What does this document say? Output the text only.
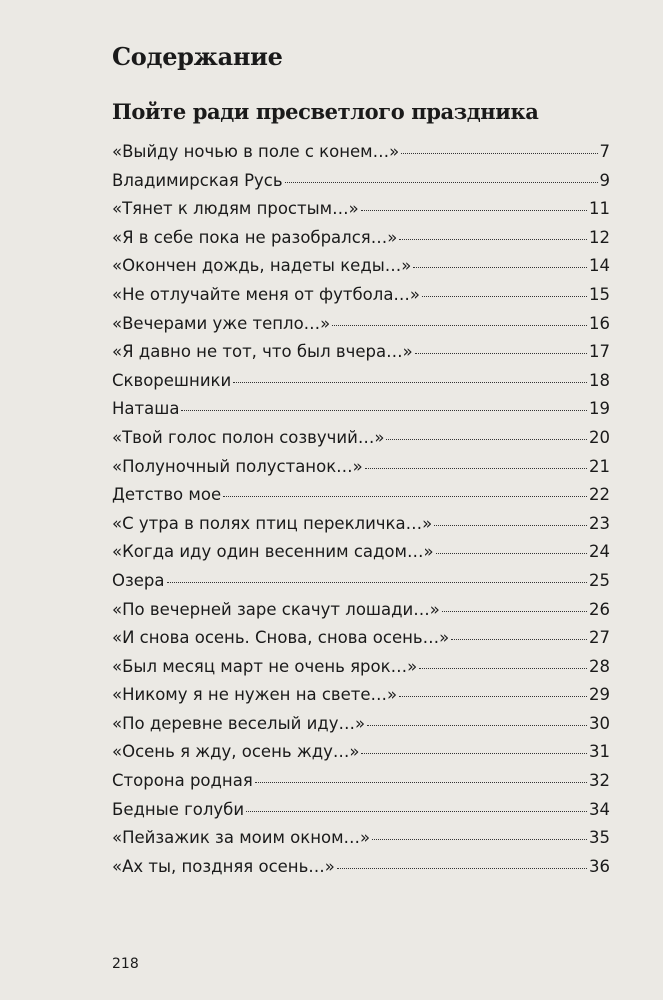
Содержание
Пойте ради пресветлого праздника
«Выйду ночью в поле с конем…»	7
Владимирская Русь	9
«Тянет к людям простым…»	11
«Я в себе пока не разобрался…»	12
«Окончен дождь, надеты кеды…»	14
«Не отлучайте меня от футбола…»	15
«Вечерами уже тепло…»	16
«Я давно не тот, что был вчера…»	17
Скворешники	18
Наташа	19
«Твой голос полон созвучий…»	20
«Полуночный полустанок…»	21
Детство мое	22
«С утра в полях птиц перекличка…»	23
«Когда иду один весенним садом…»	24
Озера	25
«По вечерней заре скачут лошади…»	26
«И снова осень. Снова, снова осень…»	27
«Был месяц март не очень ярок…»	28
«Никому я не нужен на свете…»	29
«По деревне веселый иду…»	30
«Осень я жду, осень жду…»	31
Сторона родная	32
Бедные голуби	34
«Пейзажик за моим окном…»	35
«Ах ты, поздняя осень…»	36
218
